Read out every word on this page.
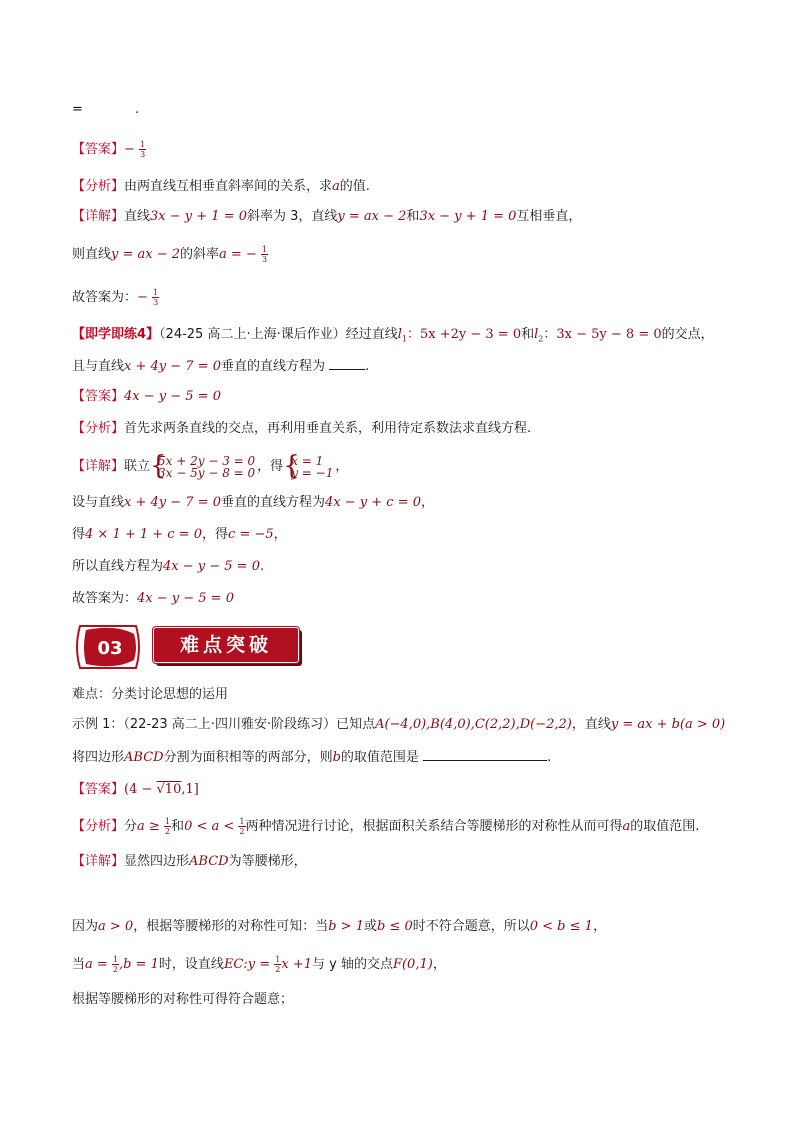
=	.
【答案】− $\frac{1}{3}$
【分析】由两直线互相垂直斜率间的关系，求a的值.
【详解】直线3x − y + 1 = 0斜率为 3，直线y = ax − 2和3x − y + 1 = 0互相垂直，
则直线y = ax − 2的斜率a = − $\frac{1}{3}$
故答案为：− $\frac{1}{3}$
【即学即练4】（24-25 高二上·上海·课后作业）经过直线$l_1$：5x +2y − 3 = 0和$l_2$：3x − 5y − 8 = 0的交点，
且与直线x + 4y − 7 = 0垂直的直线方程为	.
【答案】4x − y − 5 = 0
【分析】首先求两条直线的交点，再利用垂直关系，利用待定系数法求直线方程.
【详解】联立 {
5x + 2y − 3 = 0
3x − 5y − 8 = 0 ，得 {
x = 1
y = −1 ，
设与直线x + 4y − 7 = 0垂直的直线方程为4x − y + c = 0，
得4 × 1 + 1 + c = 0，得c = −5，
所以直线方程为4x − y − 5 = 0.
故答案为：4x − y − 5 = 0
03	难点突破
难点：分类讨论思想的运用
示例 1：（22-23 高二上·四川雅安·阶段练习）已知点A(−4,0),B(4,0),C(2,2),D(−2,2)，直线y = ax + b(a > 0)
将四边形ABCD分割为面积相等的两部分，则b的取值范围是	.
【答案】(4 − √10,1]
【分析】分$a \ge \frac{1}{2}$ 和$0 < a < \frac{1}{2}$ 两种情况进行讨论，根据面积关系结合等腰梯形的对称性从而可得a的取值范围.
【详解】显然四边形ABCD为等腰梯形，
因为a > 0，根据等腰梯形的对称性可知：当b > 1或b ≤ 0时不符合题意，所以0 < b ≤ 1，
当$a = \frac{1}{2} ,b = 1$时，设直线EC:y = $\frac{1}{2}$ x +1与 y 轴的交点F(0,1)，
根据等腰梯形的对称性可得符合题意；
